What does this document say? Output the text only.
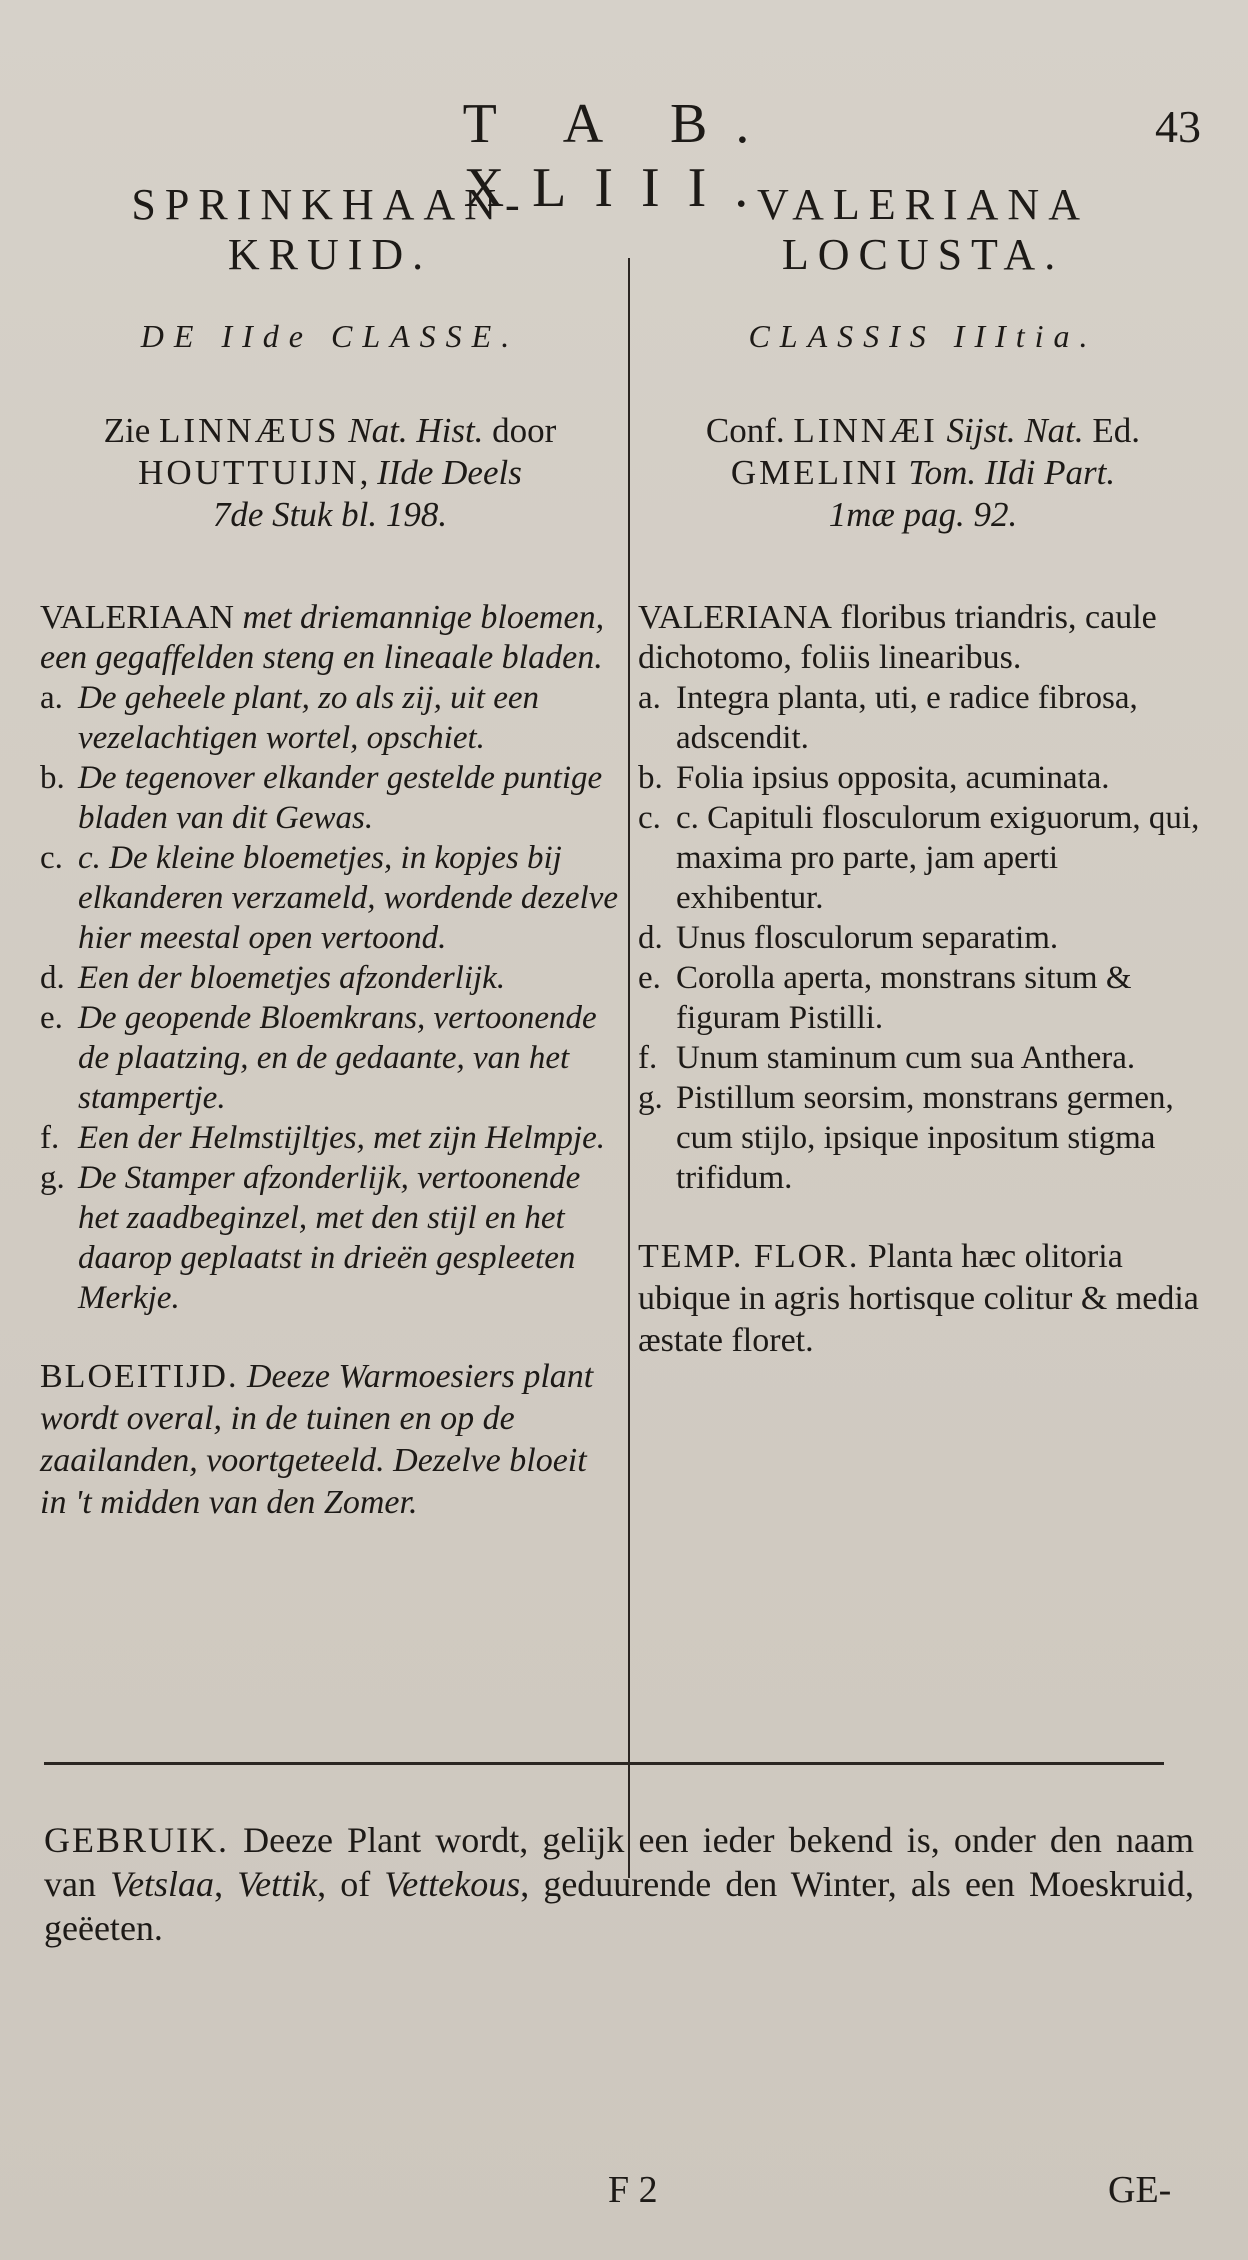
T A B. XLIII.
43
SPRINKHAAN-
KRUID.
DE IIde CLASSE.
Zie LINNÆUS Nat. Hist. door
HOUTTUIJN, IIde Deels
7de Stuk bl. 198.
VALERIAAN met driemannige bloemen, een gegaffelden steng en lineaale bladen.
a. De geheele plant, zo als zij, uit een vezelachtigen wortel, opschiet.
b. De tegenover elkander gestelde puntige bladen van dit Gewas.
c. c. De kleine bloemetjes, in kopjes bij elkanderen verzameld, wordende dezelve hier meestal open vertoond.
d. Een der bloemetjes afzonderlijk.
e. De geopende Bloemkrans, vertoonende de plaatzing, en de gedaante, van het stampertje.
f. Een der Helmstijltjes, met zijn Helmpje.
g. De Stamper afzonderlijk, vertoonende het zaadbeginzel, met den stijl en het daarop geplaatst in drieën gespleeten Merkje.
BLOEITIJD. Deeze Warmoesiers plant wordt overal, in de tuinen en op de zaailanden, voortgeteeld. Dezelve bloeit in 't midden van den Zomer.
VALERIANA
LOCUSTA.
CLASSIS IIItia.
Conf. LINNÆI Sijst. Nat. Ed.
GMELINI Tom. IIdi Part.
1mæ pag. 92.
VALERIANA floribus triandris, caule dichotomo, foliis linearibus.
a. Integra planta, uti, e radice fibrosa, adscendit.
b. Folia ipsius opposita, acuminata.
c. c. Capituli flosculorum exiguorum, qui, maxima pro parte, jam aperti exhibentur.
d. Unus flosculorum separatim.
e. Corolla aperta, monstrans situm & figuram Pistilli.
f. Unum staminum cum sua Anthera.
g. Pistillum seorsim, monstrans germen, cum stijlo, ipsique inpositum stigma trifidum.
TEMP. FLOR. Planta hæc olitoria ubique in agris hortisque colitur & media æstate floret.
GEBRUIK. Deeze Plant wordt, gelijk een ieder bekend is, onder den naam van Vetslaa, Vettik, of Vettekous, geduurende den Winter, als een Moeskruid, geëeten.
F 2	GE-
